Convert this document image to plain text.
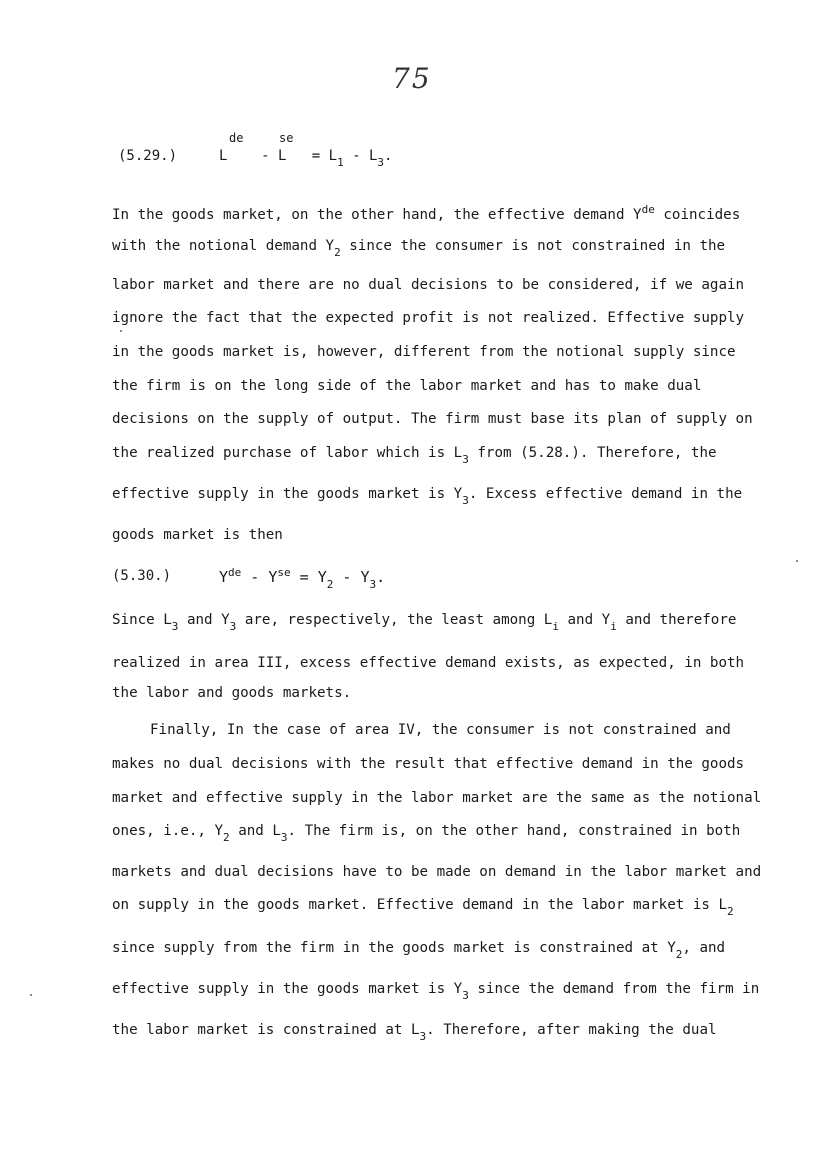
75
(5.29.)
de	se
$L - L = L_1 - L_3$.
In the goods market, on the other hand, the effective demand $Y^{de}$ coincides
with the notional demand $Y_2$ since the consumer is not constrained in the
labor market and there are no dual decisions to be considered, if we again
ignore the fact that the expected profit is not realized. Effective supply
in the goods market is, however, different from the notional supply since
the firm is on the long side of the labor market and has to make dual
decisions on the supply of output. The firm must base its plan of supply on
the realized purchase of labor which is $L_3$ from (5.28.). Therefore, the
effective supply in the goods market is $Y_3$. Excess effective demand in the
goods market is then
(5.30.)	$Y^{de} - Y^{se} = Y_2 - Y_3$.
Since $L_3$ and $Y_3$ are, respectively, the least among $L_i$ and $Y_i$ and therefore
realized in area III, excess effective demand exists, as expected, in both
the labor and goods markets.
Finally, In the case of area IV, the consumer is not constrained and
makes no dual decisions with the result that effective demand in the goods
market and effective supply in the labor market are the same as the notional
ones, i.e., $Y_2$ and $L_3$. The firm is, on the other hand, constrained in both
markets and dual decisions have to be made on demand in the labor market and
on supply in the goods market. Effective demand in the labor market is $L_2$
since supply from the firm in the goods market is constrained at $Y_2$, and
effective supply in the goods market is $Y_3$ since the demand from the firm in
the labor market is constrained at $L_3$. Therefore, after making the dual
